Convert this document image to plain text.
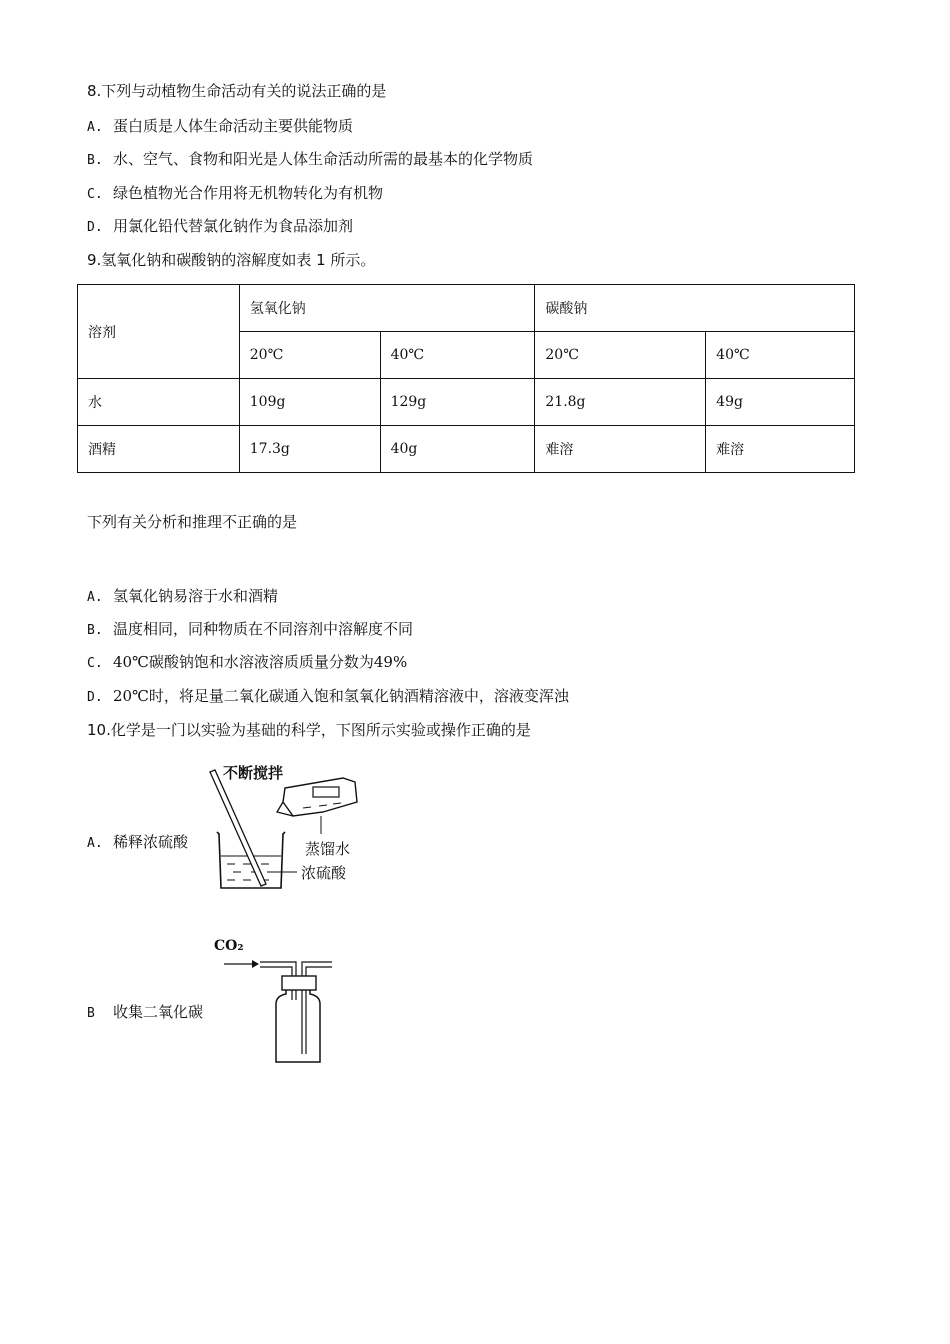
8.下列与动植物生命活动有关的说法正确的是
A. 蛋白质是人体生命活动主要供能物质
B. 水、空气、食物和阳光是人体生命活动所需的最基本的化学物质
C. 绿色植物光合作用将无机物转化为有机物
D. 用氯化铅代替氯化钠作为食品添加剂
9.氢氧化钠和碳酸钠的溶解度如表 1 所示。
溶剂	氢氧化钠		碳酸钠	
	20℃	40℃	20℃	40℃
水	109g	129g	21.8g	49g
酒精	17.3g	40g	难溶	难溶
下列有关分析和推理不正确的是
A. 氢氧化钠易溶于水和酒精
B. 温度相同，同种物质在不同溶剂中溶解度不同
C. 40℃碳酸钠饱和水溶液溶质质量分数为49%
D. 20℃时，将足量二氧化碳通入饱和氢氧化钠酒精溶液中，溶液变浑浊
10.化学是一门以实验为基础的科学，下图所示实验或操作正确的是
A. 稀释浓硫酸
不断搅拌
蒸馏水
浓硫酸
B 收集二氧化碳
CO₂
